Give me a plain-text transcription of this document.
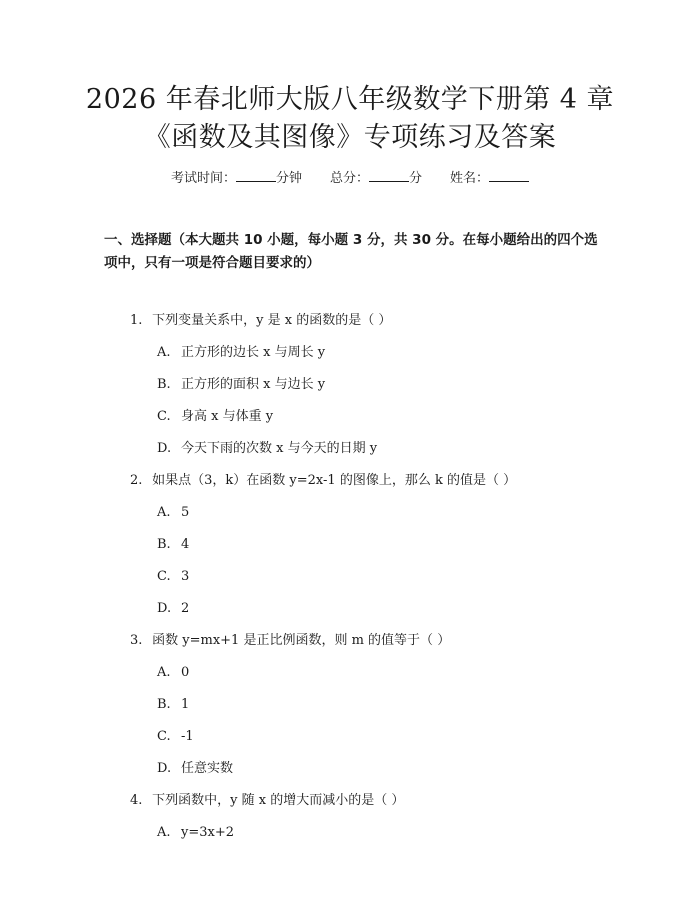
2026 年春北师大版八年级数学下册第 4 章
《函数及其图像》专项练习及答案
考试时间：	分钟 总分：	分 姓名：

一、选择题（本大题共 10 小题，每小题 3 分，共 30 分。在每小题给出的四个选项中，只有一项是符合题目要求的）

1. 下列变量关系中，y 是 x 的函数的是（ ）
A. 正方形的边长 x 与周长 y
B. 正方形的面积 x 与边长 y
C. 身高 x 与体重 y
D. 今天下雨的次数 x 与今天的日期 y
2. 如果点（3，k）在函数 y=2x-1 的图像上，那么 k 的值是（ ）
A. 5
B. 4
C. 3
D. 2
3. 函数 y=mx+1 是正比例函数，则 m 的值等于（ ）
A. 0
B. 1
C. -1
D. 任意实数
4. 下列函数中，y 随 x 的增大而减小的是（ ）
A. y=3x+2
